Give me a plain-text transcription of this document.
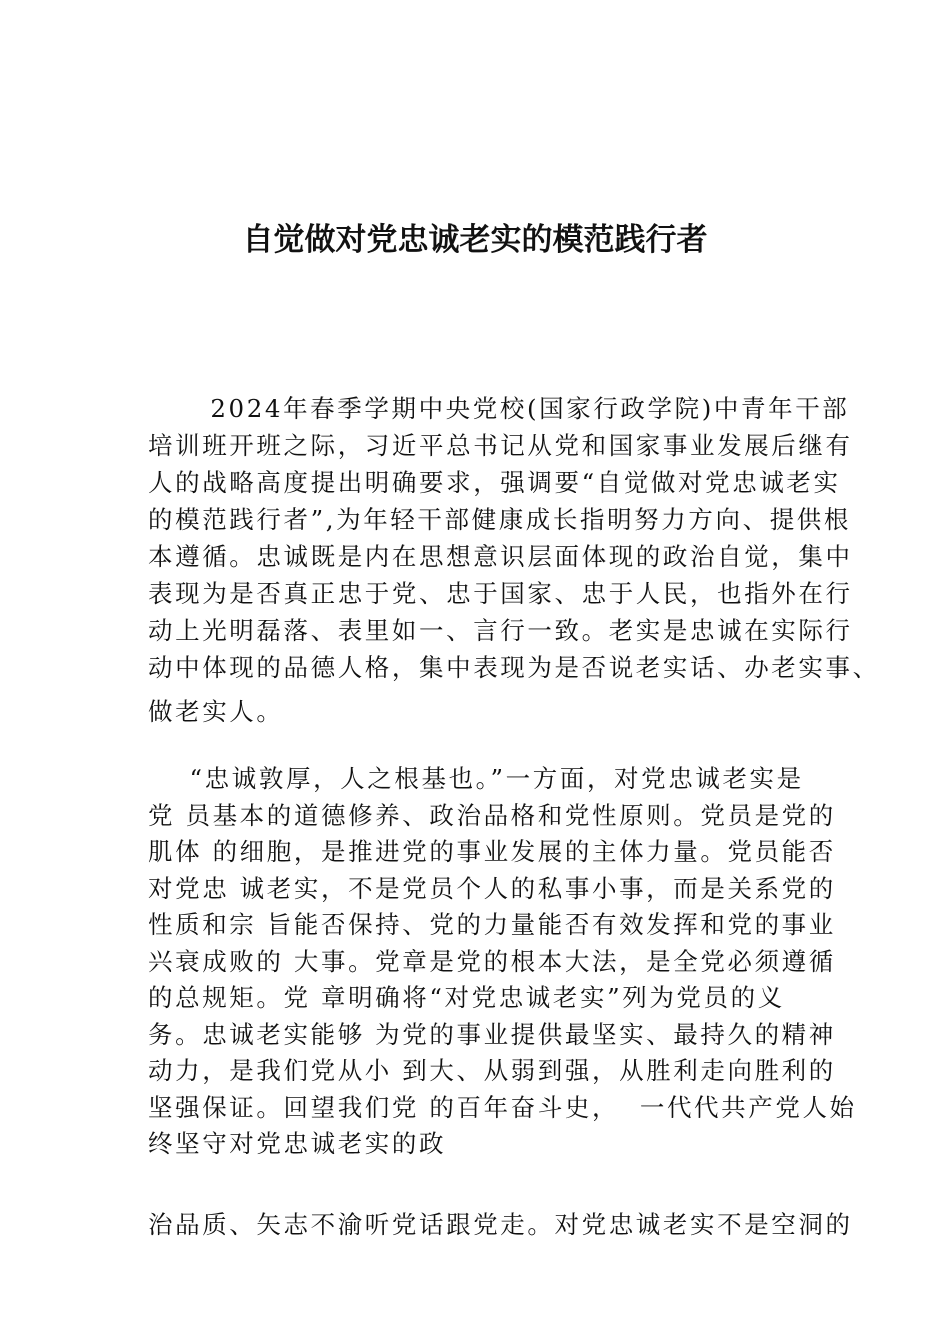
自觉做对党忠诚老实的模范践行者
2024年春季学期中央党校(国家行政学院)中青年干部
培训班开班之际，习近平总书记从党和国家事业发展后继有
人的战略高度提出明确要求，强调要“自觉做对党忠诚老实
的模范践行者”,为年轻干部健康成长指明努力方向、提供根
本遵循。忠诚既是内在思想意识层面体现的政治自觉，集中
表现为是否真正忠于党、忠于国家、忠于人民，也指外在行
动上光明磊落、表里如一、言行一致。老实是忠诚在实际行
动中体现的品德人格，集中表现为是否说老实话、办老实事、
做老实人。
“忠诚敦厚，人之根基也。”一方面，对党忠诚老实是
党 员基本的道德修养、政治品格和党性原则。党员是党的
肌体 的细胞，是推进党的事业发展的主体力量。党员能否
对党忠 诚老实，不是党员个人的私事小事，而是关系党的
性质和宗 旨能否保持、党的力量能否有效发挥和党的事业
兴衰成败的 大事。党章是党的根本大法，是全党必须遵循
的总规矩。党 章明确将“对党忠诚老实”列为党员的义
务。忠诚老实能够 为党的事业提供最坚实、最持久的精神
动力，是我们党从小 到大、从弱到强，从胜利走向胜利的
坚强保证。回望我们党 的百年奋斗史，  一代代共产党人始
终坚守对党忠诚老实的政
治品质、矢志不渝听党话跟党走。对党忠诚老实不是空洞的
